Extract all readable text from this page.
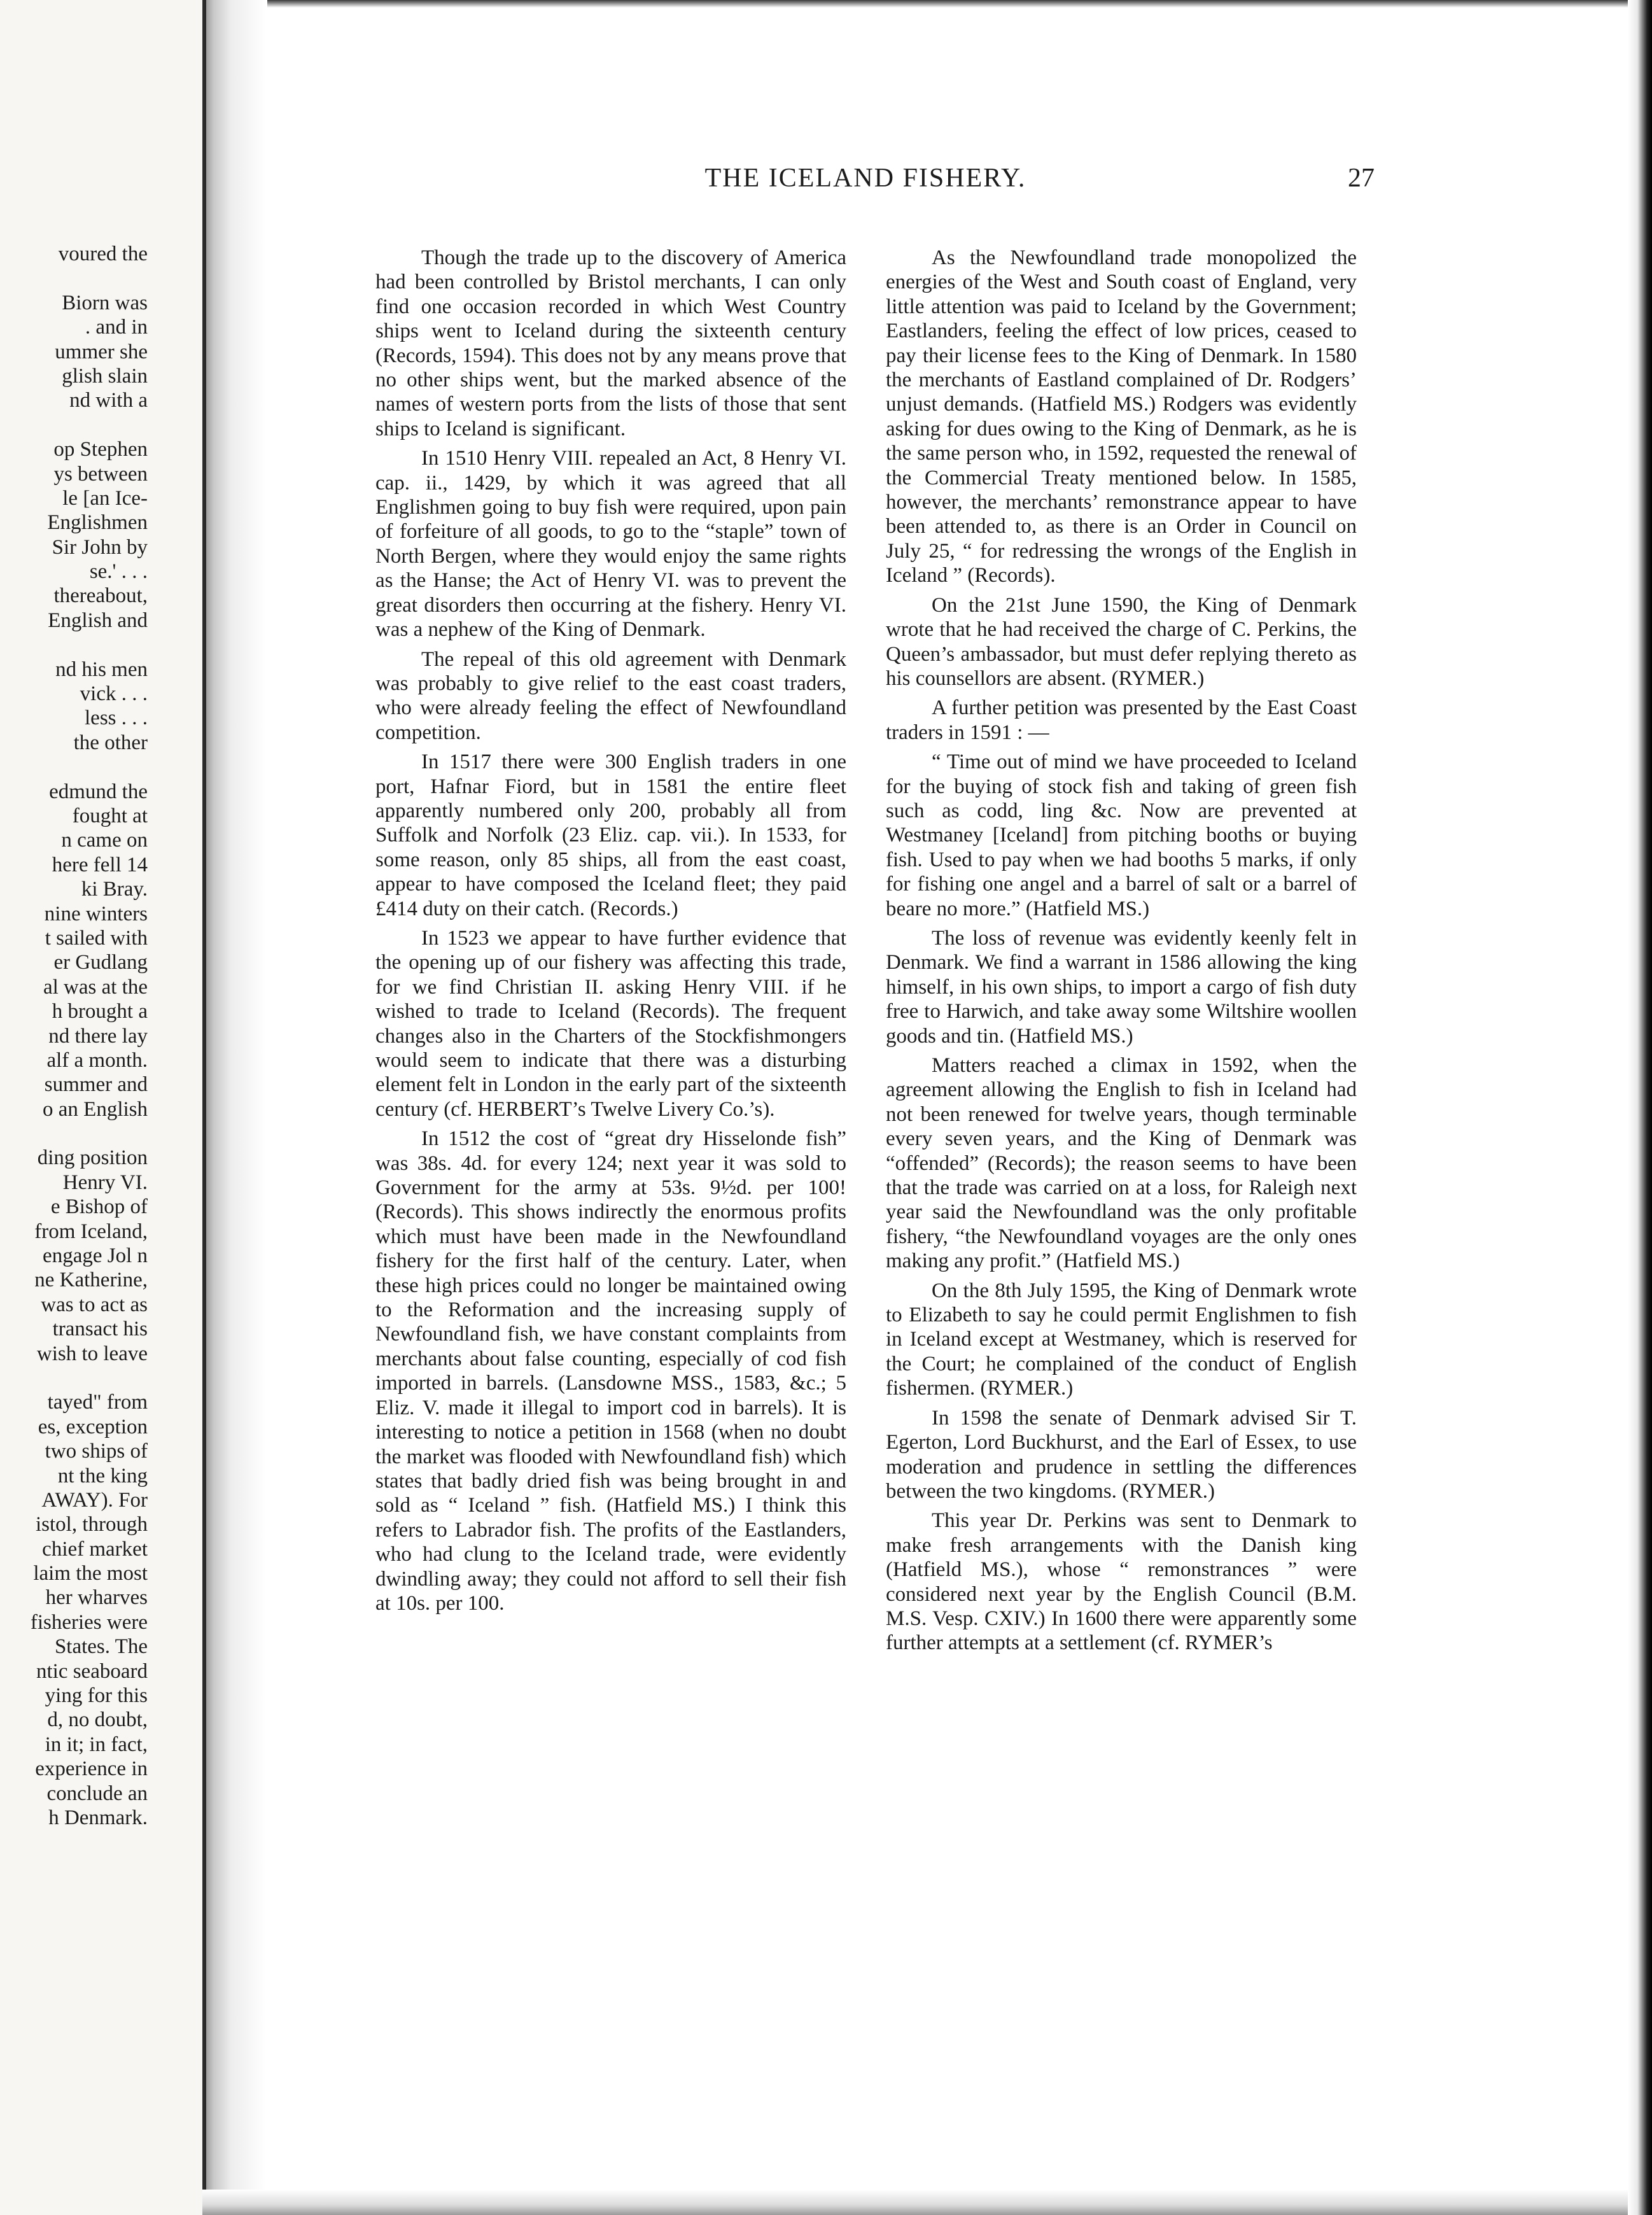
voured the
Biorn was
. and in
ummer she
glish slain
nd with a
op Stephen
ys between
le [an Ice-
Englishmen
Sir John by
se.' . . .
thereabout,
English and
nd his men
vick . . .
less . . .
the other
edmund the
fought at
n came on
here fell 14
ki Bray.
nine winters
t sailed with
er Gudlang
al was at the
h brought a
nd there lay
alf a month.
summer and
o an English
ding position
Henry VI.
e Bishop of
from Iceland,
engage Jol n
ne Katherine,
was to act as
transact his
wish to leave
tayed" from
es, exception
two ships of
nt the king
AWAY). For
istol, through
chief market
laim the most
her wharves
fisheries were
States. The
ntic seaboard
ying for this
d, no doubt,
in it; in fact,
experience in
conclude an
h Denmark.
THE ICELAND FISHERY.	27

Though the trade up to the discovery of America had been controlled by Bristol merchants, I can only find one occasion recorded in which West Country ships went to Iceland during the sixteenth century (Records, 1594). This does not by any means prove that no other ships went, but the marked absence of the names of western ports from the lists of those that sent ships to Iceland is significant.

In 1510 Henry VIII. repealed an Act, 8 Henry VI. cap. ii., 1429, by which it was agreed that all Englishmen going to buy fish were required, upon pain of forfeiture of all goods, to go to the “staple” town of North Bergen, where they would enjoy the same rights as the Hanse; the Act of Henry VI. was to prevent the great disorders then occurring at the fishery. Henry VI. was a nephew of the King of Denmark.

The repeal of this old agreement with Denmark was probably to give relief to the east coast traders, who were already feeling the effect of Newfoundland competition.

In 1517 there were 300 English traders in one port, Hafnar Fiord, but in 1581 the entire fleet apparently numbered only 200, probably all from Suffolk and Norfolk (23 Eliz. cap. vii.). In 1533, for some reason, only 85 ships, all from the east coast, appear to have composed the Iceland fleet; they paid £414 duty on their catch. (Records.)

In 1523 we appear to have further evidence that the opening up of our fishery was affecting this trade, for we find Christian II. asking Henry VIII. if he wished to trade to Iceland (Records). The frequent changes also in the Charters of the Stockfishmongers would seem to indicate that there was a disturbing element felt in London in the early part of the sixteenth century (cf. HERBERT’s Twelve Livery Co.’s).

In 1512 the cost of “great dry Hisselonde fish” was 38s. 4d. for every 124; next year it was sold to Government for the army at 53s. 9½d. per 100! (Records). This shows indirectly the enormous profits which must have been made in the Newfoundland fishery for the first half of the century. Later, when these high prices could no longer be maintained owing to the Reformation and the increasing supply of Newfoundland fish, we have constant complaints from merchants about false counting, especially of cod fish imported in barrels. (Lansdowne MSS., 1583, &c.; 5 Eliz. V. made it illegal to import cod in barrels). It is interesting to notice a petition in 1568 (when no doubt the market was flooded with Newfoundland fish) which states that badly dried fish was being brought in and sold as “ Iceland ” fish. (Hatfield MS.) I think this refers to Labrador fish. The profits of the Eastlanders, who had clung to the Iceland trade, were evidently dwindling away; they could not afford to sell their fish at 10s. per 100.

As the Newfoundland trade monopolized the energies of the West and South coast of England, very little attention was paid to Iceland by the Government; Eastlanders, feeling the effect of low prices, ceased to pay their license fees to the King of Denmark. In 1580 the merchants of Eastland complained of Dr. Rodgers’ unjust demands. (Hatfield MS.) Rodgers was evidently asking for dues owing to the King of Denmark, as he is the same person who, in 1592, requested the renewal of the Commercial Treaty mentioned below. In 1585, however, the merchants’ remonstrance appear to have been attended to, as there is an Order in Council on July 25, “ for redressing the wrongs of the English in Iceland ” (Records).

On the 21st June 1590, the King of Denmark wrote that he had received the charge of C. Perkins, the Queen’s ambassador, but must defer replying thereto as his counsellors are absent. (RYMER.)

A further petition was presented by the East Coast traders in 1591 : —

“ Time out of mind we have proceeded to Iceland for the buying of stock fish and taking of green fish such as codd, ling &c. Now are prevented at Westmaney [Iceland] from pitching booths or buying fish. Used to pay when we had booths 5 marks, if only for fishing one angel and a barrel of salt or a barrel of beare no more.” (Hatfield MS.)

The loss of revenue was evidently keenly felt in Denmark. We find a warrant in 1586 allowing the king himself, in his own ships, to import a cargo of fish duty free to Harwich, and take away some Wiltshire woollen goods and tin. (Hatfield MS.)

Matters reached a climax in 1592, when the agreement allowing the English to fish in Iceland had not been renewed for twelve years, though terminable every seven years, and the King of Denmark was “offended” (Records); the reason seems to have been that the trade was carried on at a loss, for Raleigh next year said the Newfoundland was the only profitable fishery, “the Newfoundland voyages are the only ones making any profit.” (Hatfield MS.)

On the 8th July 1595, the King of Denmark wrote to Elizabeth to say he could permit Englishmen to fish in Iceland except at Westmaney, which is reserved for the Court; he complained of the conduct of English fishermen. (RYMER.)

In 1598 the senate of Denmark advised Sir T. Egerton, Lord Buckhurst, and the Earl of Essex, to use moderation and prudence in settling the differences between the two kingdoms. (RYMER.)

This year Dr. Perkins was sent to Denmark to make fresh arrangements with the Danish king (Hatfield MS.), whose “ remonstrances ” were considered next year by the English Council (B.M. M.S. Vesp. CXIV.) In 1600 there were apparently some further attempts at a settlement (cf. RYMER’s
